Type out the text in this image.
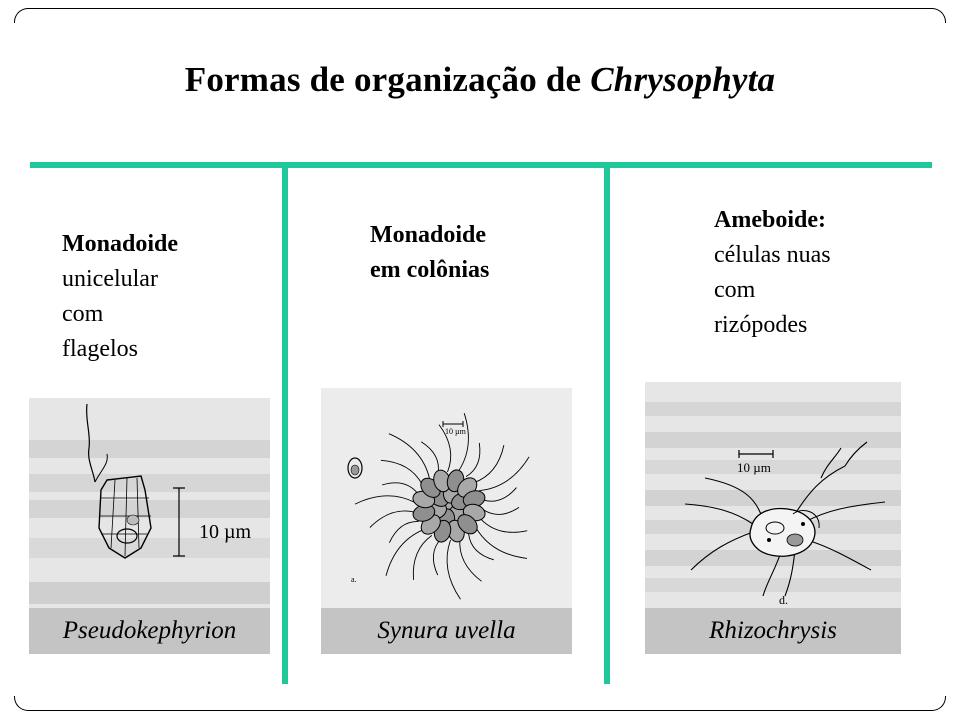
Formas de organização de Chrysophyta
Monadoide
unicelular
com
flagelos
Monadoide
em colônias
Ameboide:
células nuas
com
rizópodes
10 µm
Pseudokephyrion
10 µm
a.
Synura uvella
10 µm
d.
Rhizochrysis
